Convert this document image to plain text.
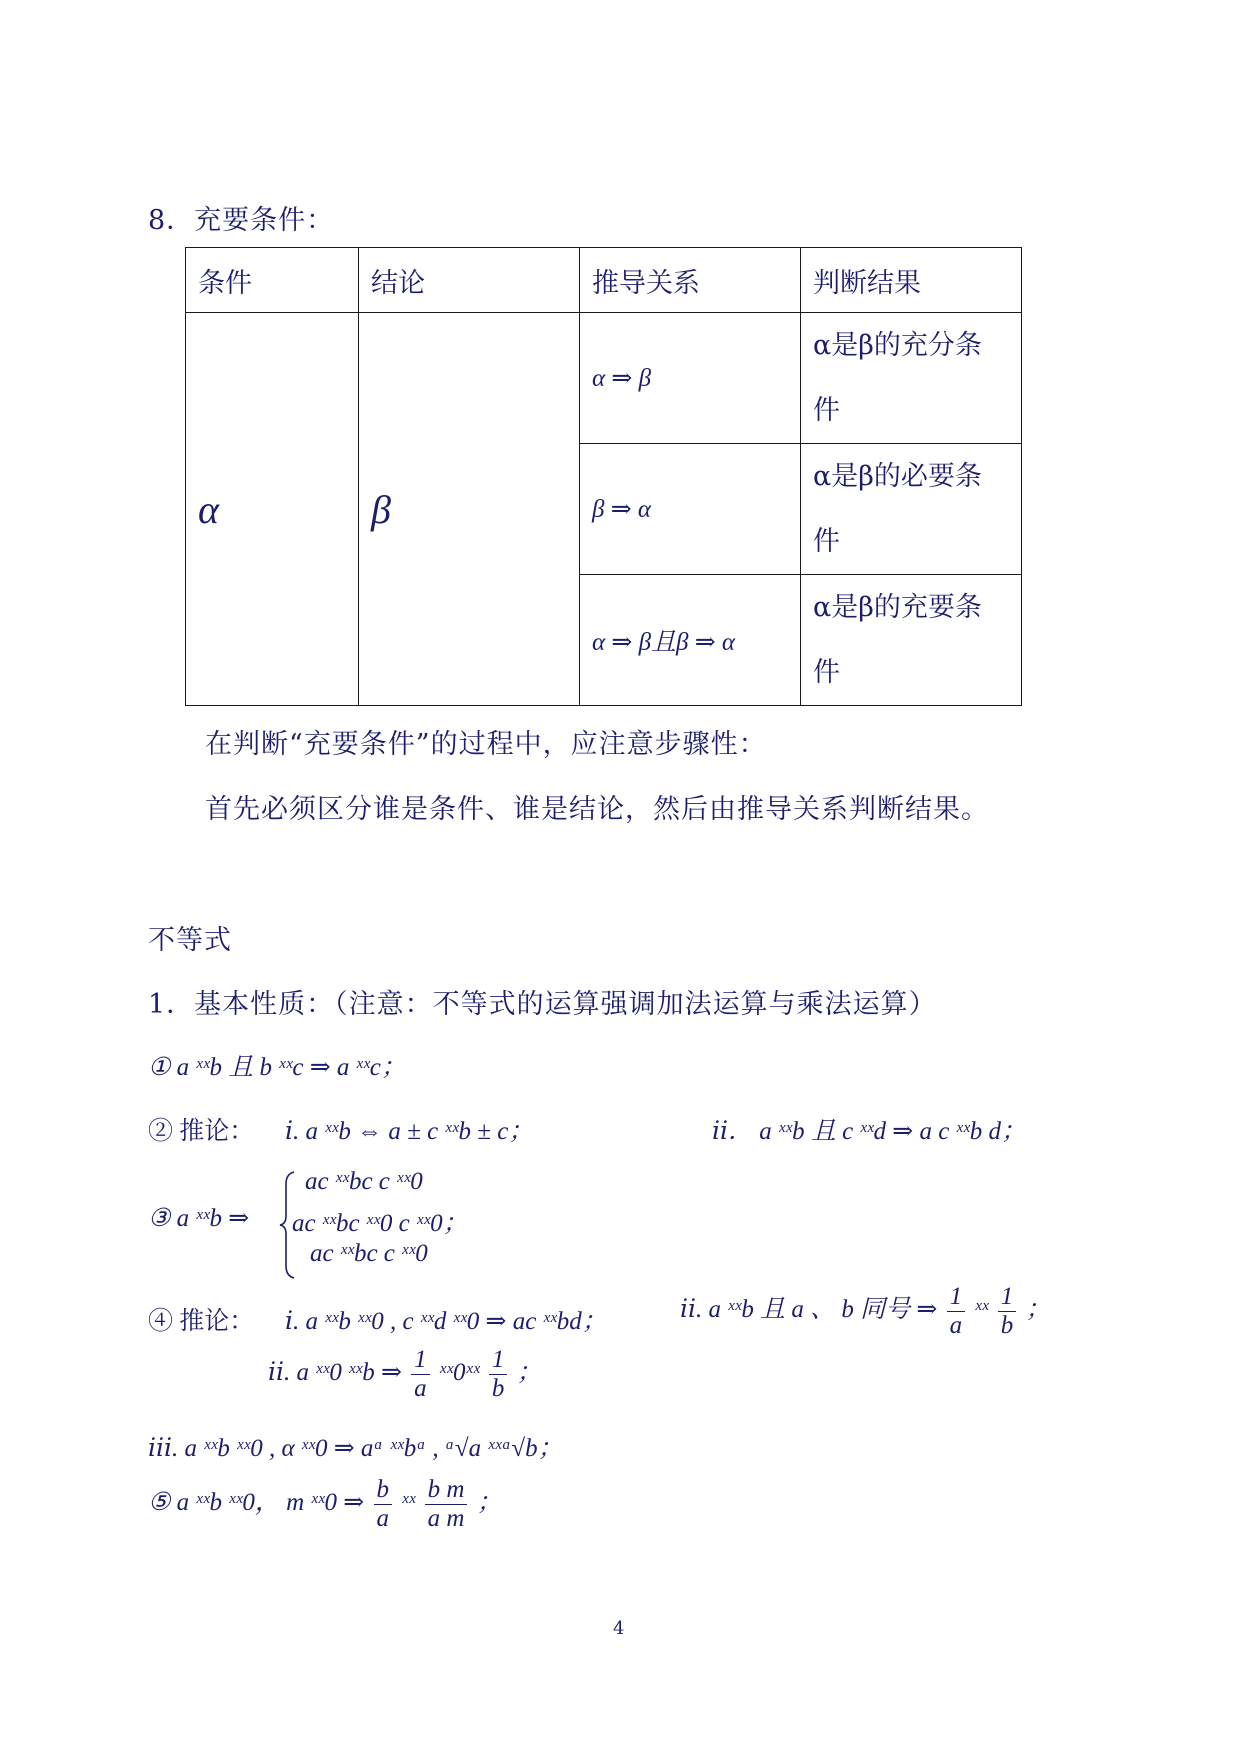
8．充要条件：
条件	结论	推导关系	判断结果
α	β	α ⇒ β	α是β的充分条
件
		β ⇒ α	α是β的必要条
件
		α ⇒ β且β ⇒ α	α是β的充要条
件
在判断“充要条件”的过程中，应注意步骤性：
首先必须区分谁是条件、谁是结论，然后由推导关系判断结果。
不等式
1．基本性质：（注意：不等式的运算强调加法运算与乘法运算）
① a ˣˣb 且 b ˣˣc ⇒ a ˣˣc；
② 推论： ⅰ. a ˣˣb ⇔ a ± c ˣˣb ± c；	ⅱ． a ˣˣb 且 c ˣˣd ⇒ a c ˣˣb d；
③ a ˣˣb ⇒
ac ˣˣbc c ˣˣ0
ac ˣˣbc ˣˣ0 c ˣˣ0；
ac ˣˣbc c ˣˣ0
④ 推论： ⅰ. a ˣˣb ˣˣ0 , c ˣˣd ˣˣ0 ⇒ ac ˣˣbd；	ⅱ. a ˣˣb 且 a 、 b 同号 ⇒ $\frac{1}{a}$ ˣˣ $\frac{1}{b}$ ；
ⅱ. a ˣˣ0 ˣˣb ⇒ $\frac{1}{a}$ ˣˣ0ˣˣ $\frac{1}{b}$ ；
ⅲ. a ˣˣb ˣˣ0 , α ˣˣ0 ⇒ aᵅ ˣˣbᵅ , ᵅ√a ˣˣᵅ√b；
⑤ a ˣˣb ˣˣ0， m ˣˣ0 ⇒ $\frac{b}{a}$ ˣˣ $\frac{\text{b m}}{\text{a m}}$ ；
4
